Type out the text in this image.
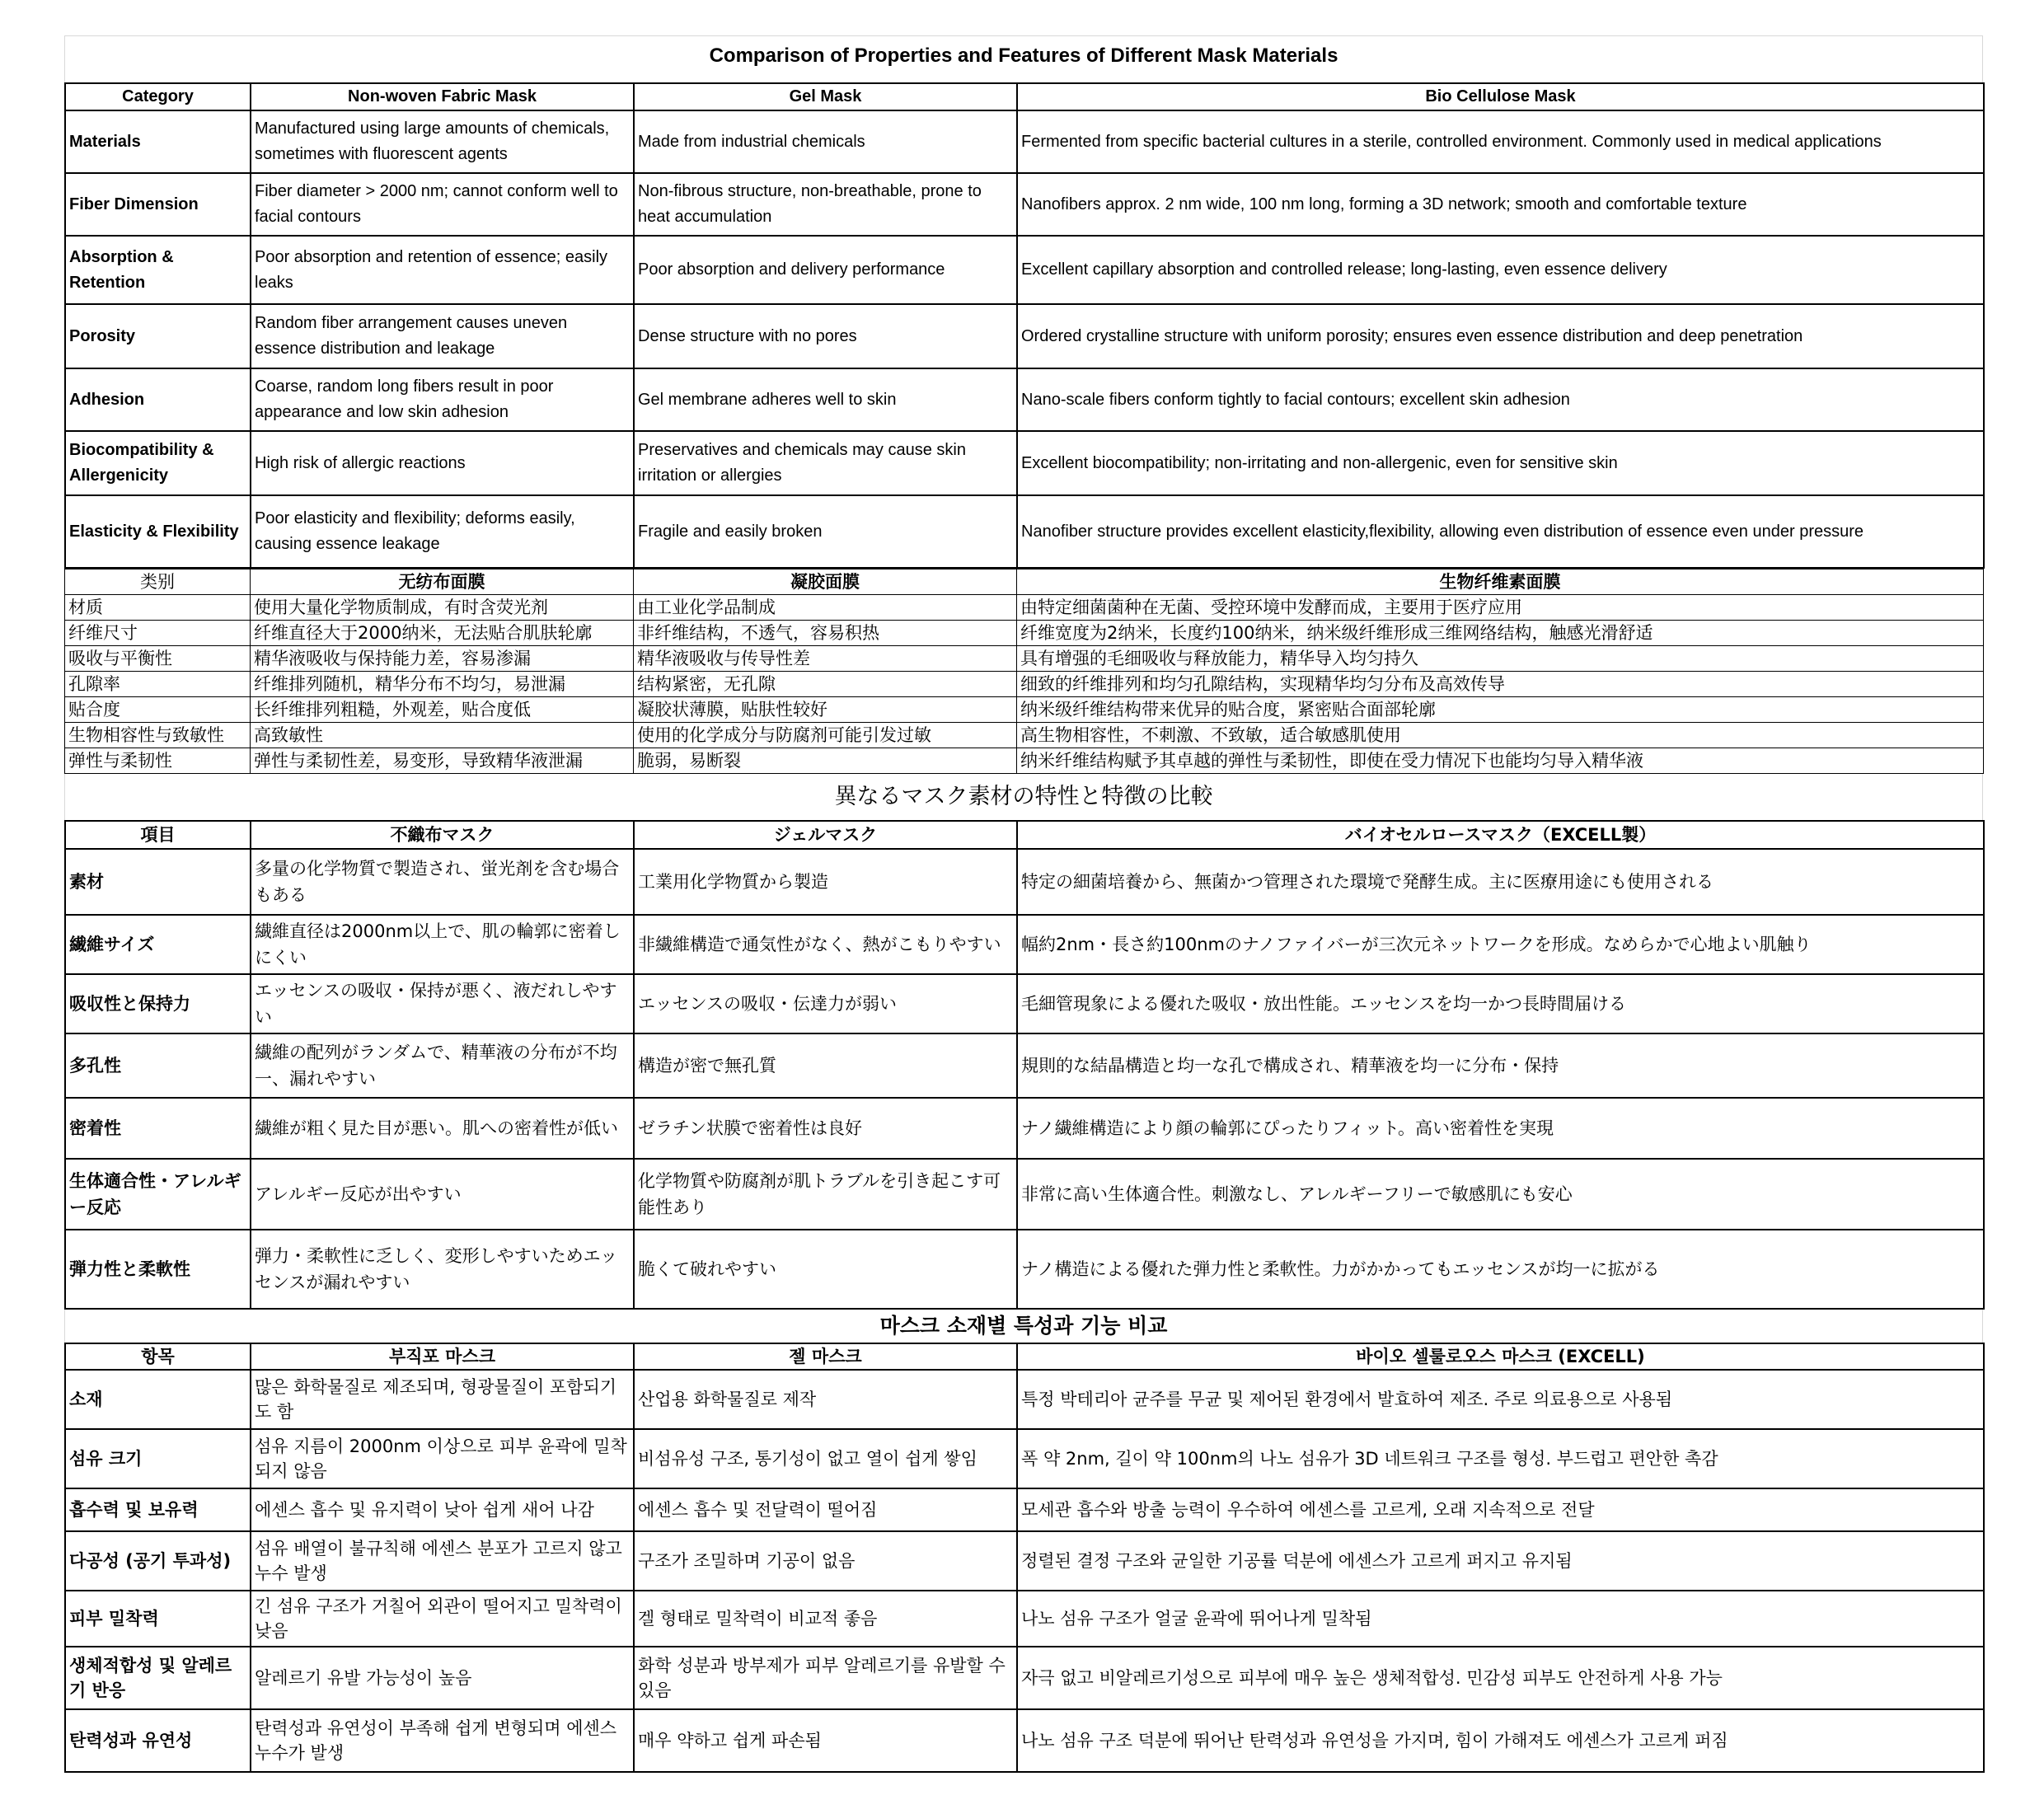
Comparison of Properties and Features of Different Mask Materials
Category	Non-woven Fabric Mask	Gel Mask	Bio Cellulose Mask
Materials	Manufactured using large amounts of chemicals, sometimes with fluorescent agents	Made from industrial chemicals	Fermented from specific bacterial cultures in a sterile, controlled environment. Commonly used in medical applications
Fiber Dimension	Fiber diameter > 2000 nm; cannot conform well to facial contours	Non-fibrous structure, non-breathable, prone to heat accumulation	Nanofibers approx. 2 nm wide, 100 nm long, forming a 3D network; smooth and comfortable texture
Absorption & Retention	Poor absorption and retention of essence; easily leaks	Poor absorption and delivery performance	Excellent capillary absorption and controlled release; long-lasting, even essence delivery
Porosity	Random fiber arrangement causes uneven essence distribution and leakage	Dense structure with no pores	Ordered crystalline structure with uniform porosity; ensures even essence distribution and deep penetration
Adhesion	Coarse, random long fibers result in poor appearance and low skin adhesion	Gel membrane adheres well to skin	Nano-scale fibers conform tightly to facial contours; excellent skin adhesion
Biocompatibility & Allergenicity	High risk of allergic reactions	Preservatives and chemicals may cause skin irritation or allergies	Excellent biocompatibility; non-irritating and non-allergenic, even for sensitive skin
Elasticity & Flexibility	Poor elasticity and flexibility; deforms easily, causing essence leakage	Fragile and easily broken	Nanofiber structure provides excellent elasticity,flexibility, allowing even distribution of essence even under pressure
类别	无纺布面膜	凝胶面膜	生物纤维素面膜
材质	使用大量化学物质制成，有时含荧光剂	由工业化学品制成	由特定细菌菌种在无菌、受控环境中发酵而成，主要用于医疗应用
纤维尺寸	纤维直径大于2000纳米，无法贴合肌肤轮廓	非纤维结构，不透气，容易积热	纤维宽度为2纳米，长度约100纳米，纳米级纤维形成三维网络结构，触感光滑舒适
吸收与平衡性	精华液吸收与保持能力差，容易渗漏	精华液吸收与传导性差	具有增强的毛细吸收与释放能力，精华导入均匀持久
孔隙率	纤维排列随机，精华分布不均匀，易泄漏	结构紧密，无孔隙	细致的纤维排列和均匀孔隙结构，实现精华均匀分布及高效传导
贴合度	长纤维排列粗糙，外观差，贴合度低	凝胶状薄膜，贴肤性较好	纳米级纤维结构带来优异的贴合度，紧密贴合面部轮廓
生物相容性与致敏性	高致敏性	使用的化学成分与防腐剂可能引发过敏	高生物相容性，不刺激、不致敏，适合敏感肌使用
弹性与柔韧性	弹性与柔韧性差，易变形，导致精华液泄漏	脆弱，易断裂	纳米纤维结构赋予其卓越的弹性与柔韧性，即使在受力情况下也能均匀导入精华液
異なるマスク素材の特性と特徴の比較
項目	不織布マスク	ジェルマスク	バイオセルロースマスク（EXCELL製）
素材	多量の化学物質で製造され、蛍光剤を含む場合もある	工業用化学物質から製造	特定の細菌培養から、無菌かつ管理された環境で発酵生成。主に医療用途にも使用される
繊維サイズ	繊維直径は2000nm以上で、肌の輪郭に密着しにくい	非繊維構造で通気性がなく、熱がこもりやすい	幅約2nm・長さ約100nmのナノファイバーが三次元ネットワークを形成。なめらかで心地よい肌触り
吸収性と保持力	エッセンスの吸収・保持が悪く、液だれしやすい	エッセンスの吸収・伝達力が弱い	毛細管現象による優れた吸収・放出性能。エッセンスを均一かつ長時間届ける
多孔性	繊維の配列がランダムで、精華液の分布が不均一、漏れやすい	構造が密で無孔質	規則的な結晶構造と均一な孔で構成され、精華液を均一に分布・保持
密着性	繊維が粗く見た目が悪い。肌への密着性が低い	ゼラチン状膜で密着性は良好	ナノ繊維構造により顔の輪郭にぴったりフィット。高い密着性を実現
生体適合性・アレルギー反応	アレルギー反応が出やすい	化学物質や防腐剤が肌トラブルを引き起こす可能性あり	非常に高い生体適合性。刺激なし、アレルギーフリーで敏感肌にも安心
弾力性と柔軟性	弾力・柔軟性に乏しく、変形しやすいためエッセンスが漏れやすい	脆くて破れやすい	ナノ構造による優れた弾力性と柔軟性。力がかかってもエッセンスが均一に拡がる
마스크 소재별 특성과 기능 비교
항목	부직포 마스크	젤 마스크	바이오 셀룰로오스 마스크 (EXCELL)
소재	많은 화학물질로 제조되며, 형광물질이 포함되기도 함	산업용 화학물질로 제작	특정 박테리아 균주를 무균 및 제어된 환경에서 발효하여 제조. 주로 의료용으로 사용됨
섬유 크기	섬유 지름이 2000nm 이상으로 피부 윤곽에 밀착되지 않음	비섬유성 구조, 통기성이 없고 열이 쉽게 쌓임	폭 약 2nm, 길이 약 100nm의 나노 섬유가 3D 네트워크 구조를 형성. 부드럽고 편안한 촉감
흡수력 및 보유력	에센스 흡수 및 유지력이 낮아 쉽게 새어 나감	에센스 흡수 및 전달력이 떨어짐	모세관 흡수와 방출 능력이 우수하여 에센스를 고르게, 오래 지속적으로 전달
다공성 (공기 투과성)	섬유 배열이 불규칙해 에센스 분포가 고르지 않고 누수 발생	구조가 조밀하며 기공이 없음	정렬된 결정 구조와 균일한 기공률 덕분에 에센스가 고르게 퍼지고 유지됨
피부 밀착력	긴 섬유 구조가 거칠어 외관이 떨어지고 밀착력이 낮음	겔 형태로 밀착력이 비교적 좋음	나노 섬유 구조가 얼굴 윤곽에 뛰어나게 밀착됨
생체적합성 및 알레르기 반응	알레르기 유발 가능성이 높음	화학 성분과 방부제가 피부 알레르기를 유발할 수 있음	자극 없고 비알레르기성으로 피부에 매우 높은 생체적합성. 민감성 피부도 안전하게 사용 가능
탄력성과 유연성	탄력성과 유연성이 부족해 쉽게 변형되며 에센스 누수가 발생	매우 약하고 쉽게 파손됨	나노 섬유 구조 덕분에 뛰어난 탄력성과 유연성을 가지며, 힘이 가해져도 에센스가 고르게 퍼짐
